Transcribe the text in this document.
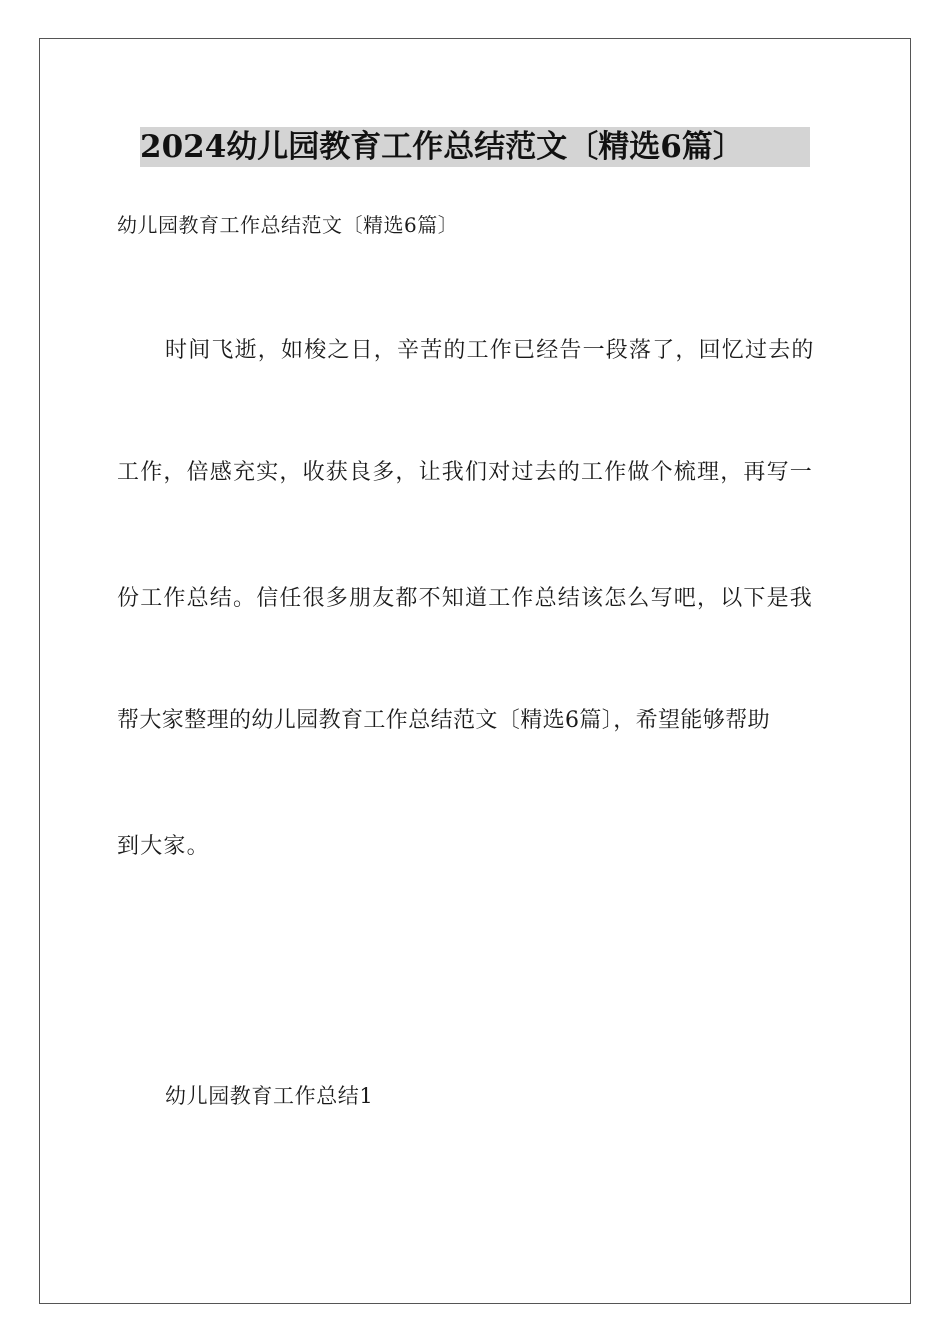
2024幼儿园教育工作总结范文〔精选6篇〕
幼儿园教育工作总结范文〔精选6篇〕
时间飞逝，如梭之日，辛苦的工作已经告一段落了，回忆过去的
工作，倍感充实，收获良多，让我们对过去的工作做个梳理，再写一
份工作总结。信任很多朋友都不知道工作总结该怎么写吧，以下是我
帮大家整理的幼儿园教育工作总结范文〔精选6篇〕，希望能够帮助
到大家。
幼儿园教育工作总结1
